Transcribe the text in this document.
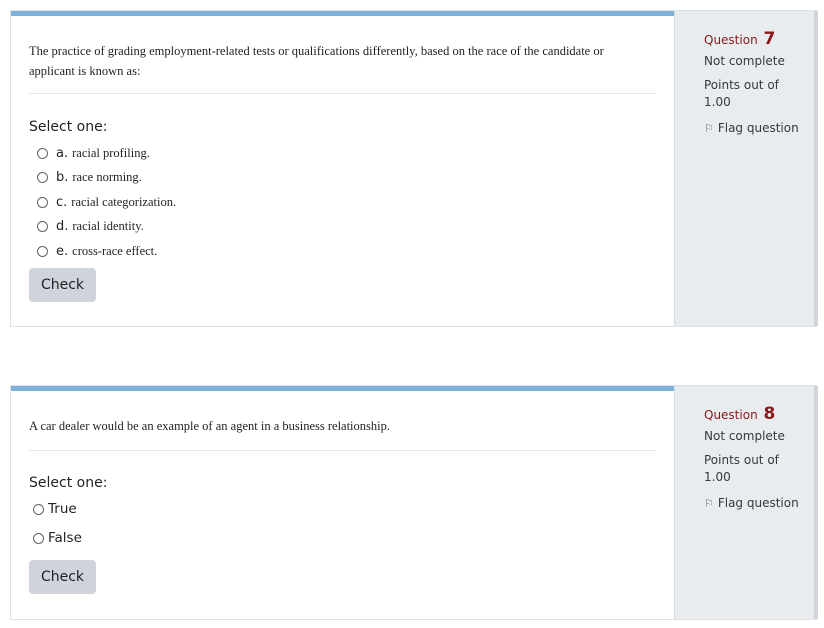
The practice of grading employment-related tests or qualifications differently, based on the race of the candidate or applicant is known as:
Select one:
a. racial profiling.
b. race norming.
c. racial categorization.
d. racial identity.
e. cross-race effect.
Check
Question 7
Not complete
Points out of 1.00
⚐ Flag question
A car dealer would be an example of an agent in a business relationship.
Select one:
True
False
Check
Question 8
Not complete
Points out of 1.00
⚐ Flag question
